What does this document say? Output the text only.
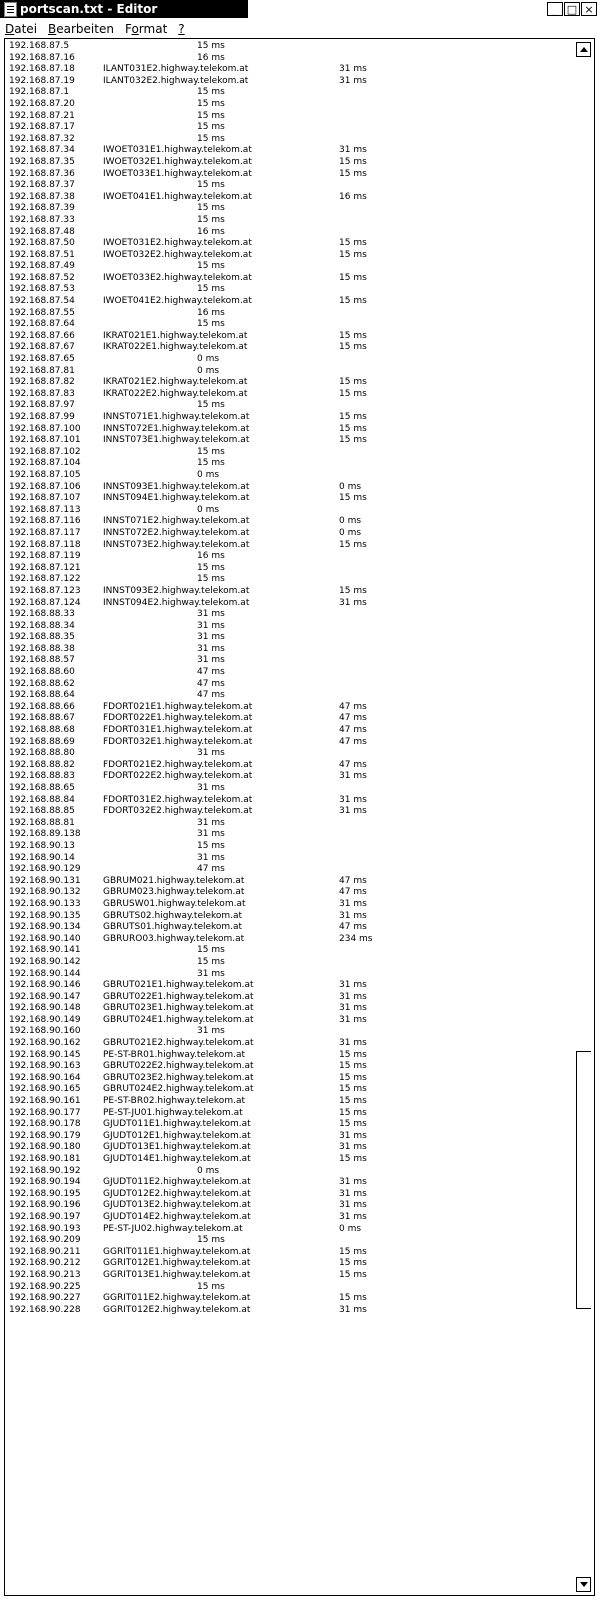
portscan.txt - Editor	_ □ ×
Datei Bearbeiten Format ?
192.168.87.5	15 ms
192.168.87.16	16 ms
192.168.87.18	ILANT031E2.highway.telekom.at	31 ms
192.168.87.19	ILANT032E2.highway.telekom.at	31 ms
192.168.87.1	15 ms
192.168.87.20	15 ms
192.168.87.21	15 ms
192.168.87.17	15 ms
192.168.87.32	15 ms
192.168.87.34	IWOET031E1.highway.telekom.at	31 ms
192.168.87.35	IWOET032E1.highway.telekom.at	15 ms
192.168.87.36	IWOET033E1.highway.telekom.at	15 ms
192.168.87.37	15 ms
192.168.87.38	IWOET041E1.highway.telekom.at	16 ms
192.168.87.39	15 ms
192.168.87.33	15 ms
192.168.87.48	16 ms
192.168.87.50	IWOET031E2.highway.telekom.at	15 ms
192.168.87.51	IWOET032E2.highway.telekom.at	15 ms
192.168.87.49	15 ms
192.168.87.52	IWOET033E2.highway.telekom.at	15 ms
192.168.87.53	15 ms
192.168.87.54	IWOET041E2.highway.telekom.at	15 ms
192.168.87.55	16 ms
192.168.87.64	15 ms
192.168.87.66	IKRAT021E1.highway.telekom.at	15 ms
192.168.87.67	IKRAT022E1.highway.telekom.at	15 ms
192.168.87.65	0 ms
192.168.87.81	0 ms
192.168.87.82	IKRAT021E2.highway.telekom.at	15 ms
192.168.87.83	IKRAT022E2.highway.telekom.at	15 ms
192.168.87.97	15 ms
192.168.87.99	INNST071E1.highway.telekom.at	15 ms
192.168.87.100 INNST072E1.highway.telekom.at	15 ms
192.168.87.101 INNST073E1.highway.telekom.at	15 ms
192.168.87.102	15 ms
192.168.87.104	15 ms
192.168.87.105	0 ms
192.168.87.106 INNST093E1.highway.telekom.at	0 ms
192.168.87.107 INNST094E1.highway.telekom.at	15 ms
192.168.87.113	0 ms
192.168.87.116 INNST071E2.highway.telekom.at	0 ms
192.168.87.117 INNST072E2.highway.telekom.at	0 ms
192.168.87.118 INNST073E2.highway.telekom.at	15 ms
192.168.87.119	16 ms
192.168.87.121	15 ms
192.168.87.122	15 ms
192.168.87.123 INNST093E2.highway.telekom.at	15 ms
192.168.87.124 INNST094E2.highway.telekom.at	31 ms
192.168.88.33	31 ms
192.168.88.34	31 ms
192.168.88.35	31 ms
192.168.88.38	31 ms
192.168.88.57	31 ms
192.168.88.60	47 ms
192.168.88.62	47 ms
192.168.88.64	47 ms
192.168.88.66	FDORT021E1.highway.telekom.at	47 ms
192.168.88.67	FDORT022E1.highway.telekom.at	47 ms
192.168.88.68	FDORT031E1.highway.telekom.at	47 ms
192.168.88.69	FDORT032E1.highway.telekom.at	47 ms
192.168.88.80	31 ms
192.168.88.82	FDORT021E2.highway.telekom.at	47 ms
192.168.88.83	FDORT022E2.highway.telekom.at	31 ms
192.168.88.65	31 ms
192.168.88.84	FDORT031E2.highway.telekom.at	31 ms
192.168.88.85	FDORT032E2.highway.telekom.at	31 ms
192.168.88.81	31 ms
192.168.89.138	31 ms
192.168.90.13	15 ms
192.168.90.14	31 ms
192.168.90.129	47 ms
192.168.90.131 GBRUM021.highway.telekom.at	47 ms
192.168.90.132 GBRUM023.highway.telekom.at	47 ms
192.168.90.133 GBRUSW01.highway.telekom.at	31 ms
192.168.90.135 GBRUTS02.highway.telekom.at	31 ms
192.168.90.134 GBRUTS01.highway.telekom.at	47 ms
192.168.90.140 GBRURO03.highway.telekom.at	234 ms
192.168.90.141	15 ms
192.168.90.142	15 ms
192.168.90.144	31 ms
192.168.90.146 GBRUT021E1.highway.telekom.at	31 ms
192.168.90.147 GBRUT022E1.highway.telekom.at	31 ms
192.168.90.148 GBRUT023E1.highway.telekom.at	31 ms
192.168.90.149 GBRUT024E1.highway.telekom.at	31 ms
192.168.90.160	31 ms
192.168.90.162 GBRUT021E2.highway.telekom.at	31 ms
192.168.90.145 PE-ST-BR01.highway.telekom.at	15 ms
192.168.90.163 GBRUT022E2.highway.telekom.at	15 ms
192.168.90.164 GBRUT023E2.highway.telekom.at	15 ms
192.168.90.165 GBRUT024E2.highway.telekom.at	15 ms
192.168.90.161 PE-ST-BR02.highway.telekom.at	15 ms
192.168.90.177 PE-ST-JU01.highway.telekom.at	15 ms
192.168.90.178 GJUDT011E1.highway.telekom.at	15 ms
192.168.90.179 GJUDT012E1.highway.telekom.at	31 ms
192.168.90.180 GJUDT013E1.highway.telekom.at	31 ms
192.168.90.181 GJUDT014E1.highway.telekom.at	15 ms
192.168.90.192	0 ms
192.168.90.194 GJUDT011E2.highway.telekom.at	31 ms
192.168.90.195 GJUDT012E2.highway.telekom.at	31 ms
192.168.90.196 GJUDT013E2.highway.telekom.at	31 ms
192.168.90.197 GJUDT014E2.highway.telekom.at	31 ms
192.168.90.193 PE-ST-JU02.highway.telekom.at	0 ms
192.168.90.209	15 ms
192.168.90.211 GGRIT011E1.highway.telekom.at	15 ms
192.168.90.212 GGRIT012E1.highway.telekom.at	15 ms
192.168.90.213 GGRIT013E1.highway.telekom.at	15 ms
192.168.90.225	15 ms
192.168.90.227 GGRIT011E2.highway.telekom.at	15 ms
192.168.90.228 GGRIT012E2.highway.telekom.at	31 ms
